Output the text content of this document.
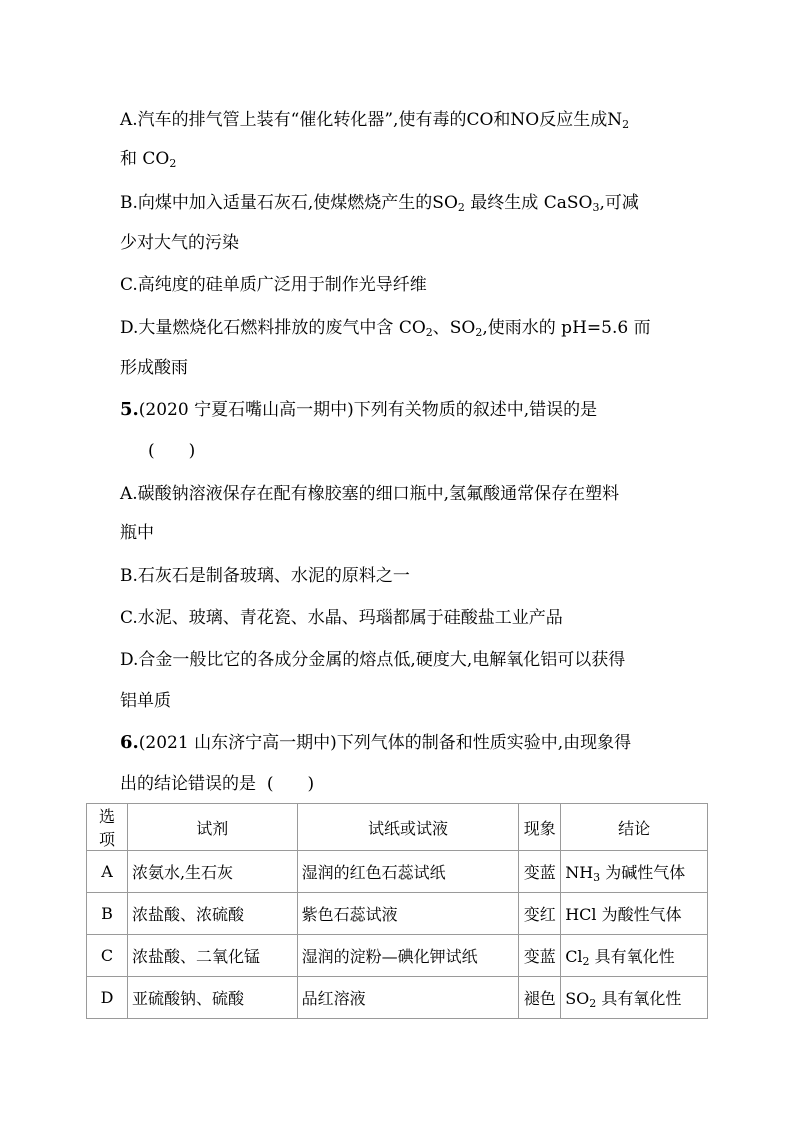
A.汽车的排气管上装有“催化转化器”,使有毒的CO和NO反应生成$N_2$
和 $CO_2$
B.向煤中加入适量石灰石,使煤燃烧产生的$SO_2$ 最终生成 CaSO$_3$,可减
少对大气的污染
C.高纯度的硅单质广泛用于制作光导纤维
D.大量燃烧化石燃料排放的废气中含 $CO_2$、$SO_2$,使雨水的 pH=5.6 而
形成酸雨
5.(2020 宁夏石嘴山高一期中)下列有关物质的叙述中,错误的是
(　　)
A.碳酸钠溶液保存在配有橡胶塞的细口瓶中,氢氟酸通常保存在塑料
瓶中
B.石灰石是制备玻璃、水泥的原料之一
C.水泥、玻璃、青花瓷、水晶、玛瑙都属于硅酸盐工业产品
D.合金一般比它的各成分金属的熔点低,硬度大,电解氧化铝可以获得
铝单质
6.(2021 山东济宁高一期中)下列气体的制备和性质实验中,由现象得
出的结论错误的是 (　　)
选项	试剂	试纸或试液	现象	结论
A	浓氨水,生石灰	湿润的红色石蕊试纸	变蓝	$NH_3$ 为碱性气体
B	浓盐酸、浓硫酸	紫色石蕊试液	变红	HCl 为酸性气体
C	浓盐酸、二氧化锰	湿润的淀粉—碘化钾试纸	变蓝	$Cl_2$ 具有氧化性
D	亚硫酸钠、硫酸	品红溶液	褪色	$SO_2$ 具有氧化性
